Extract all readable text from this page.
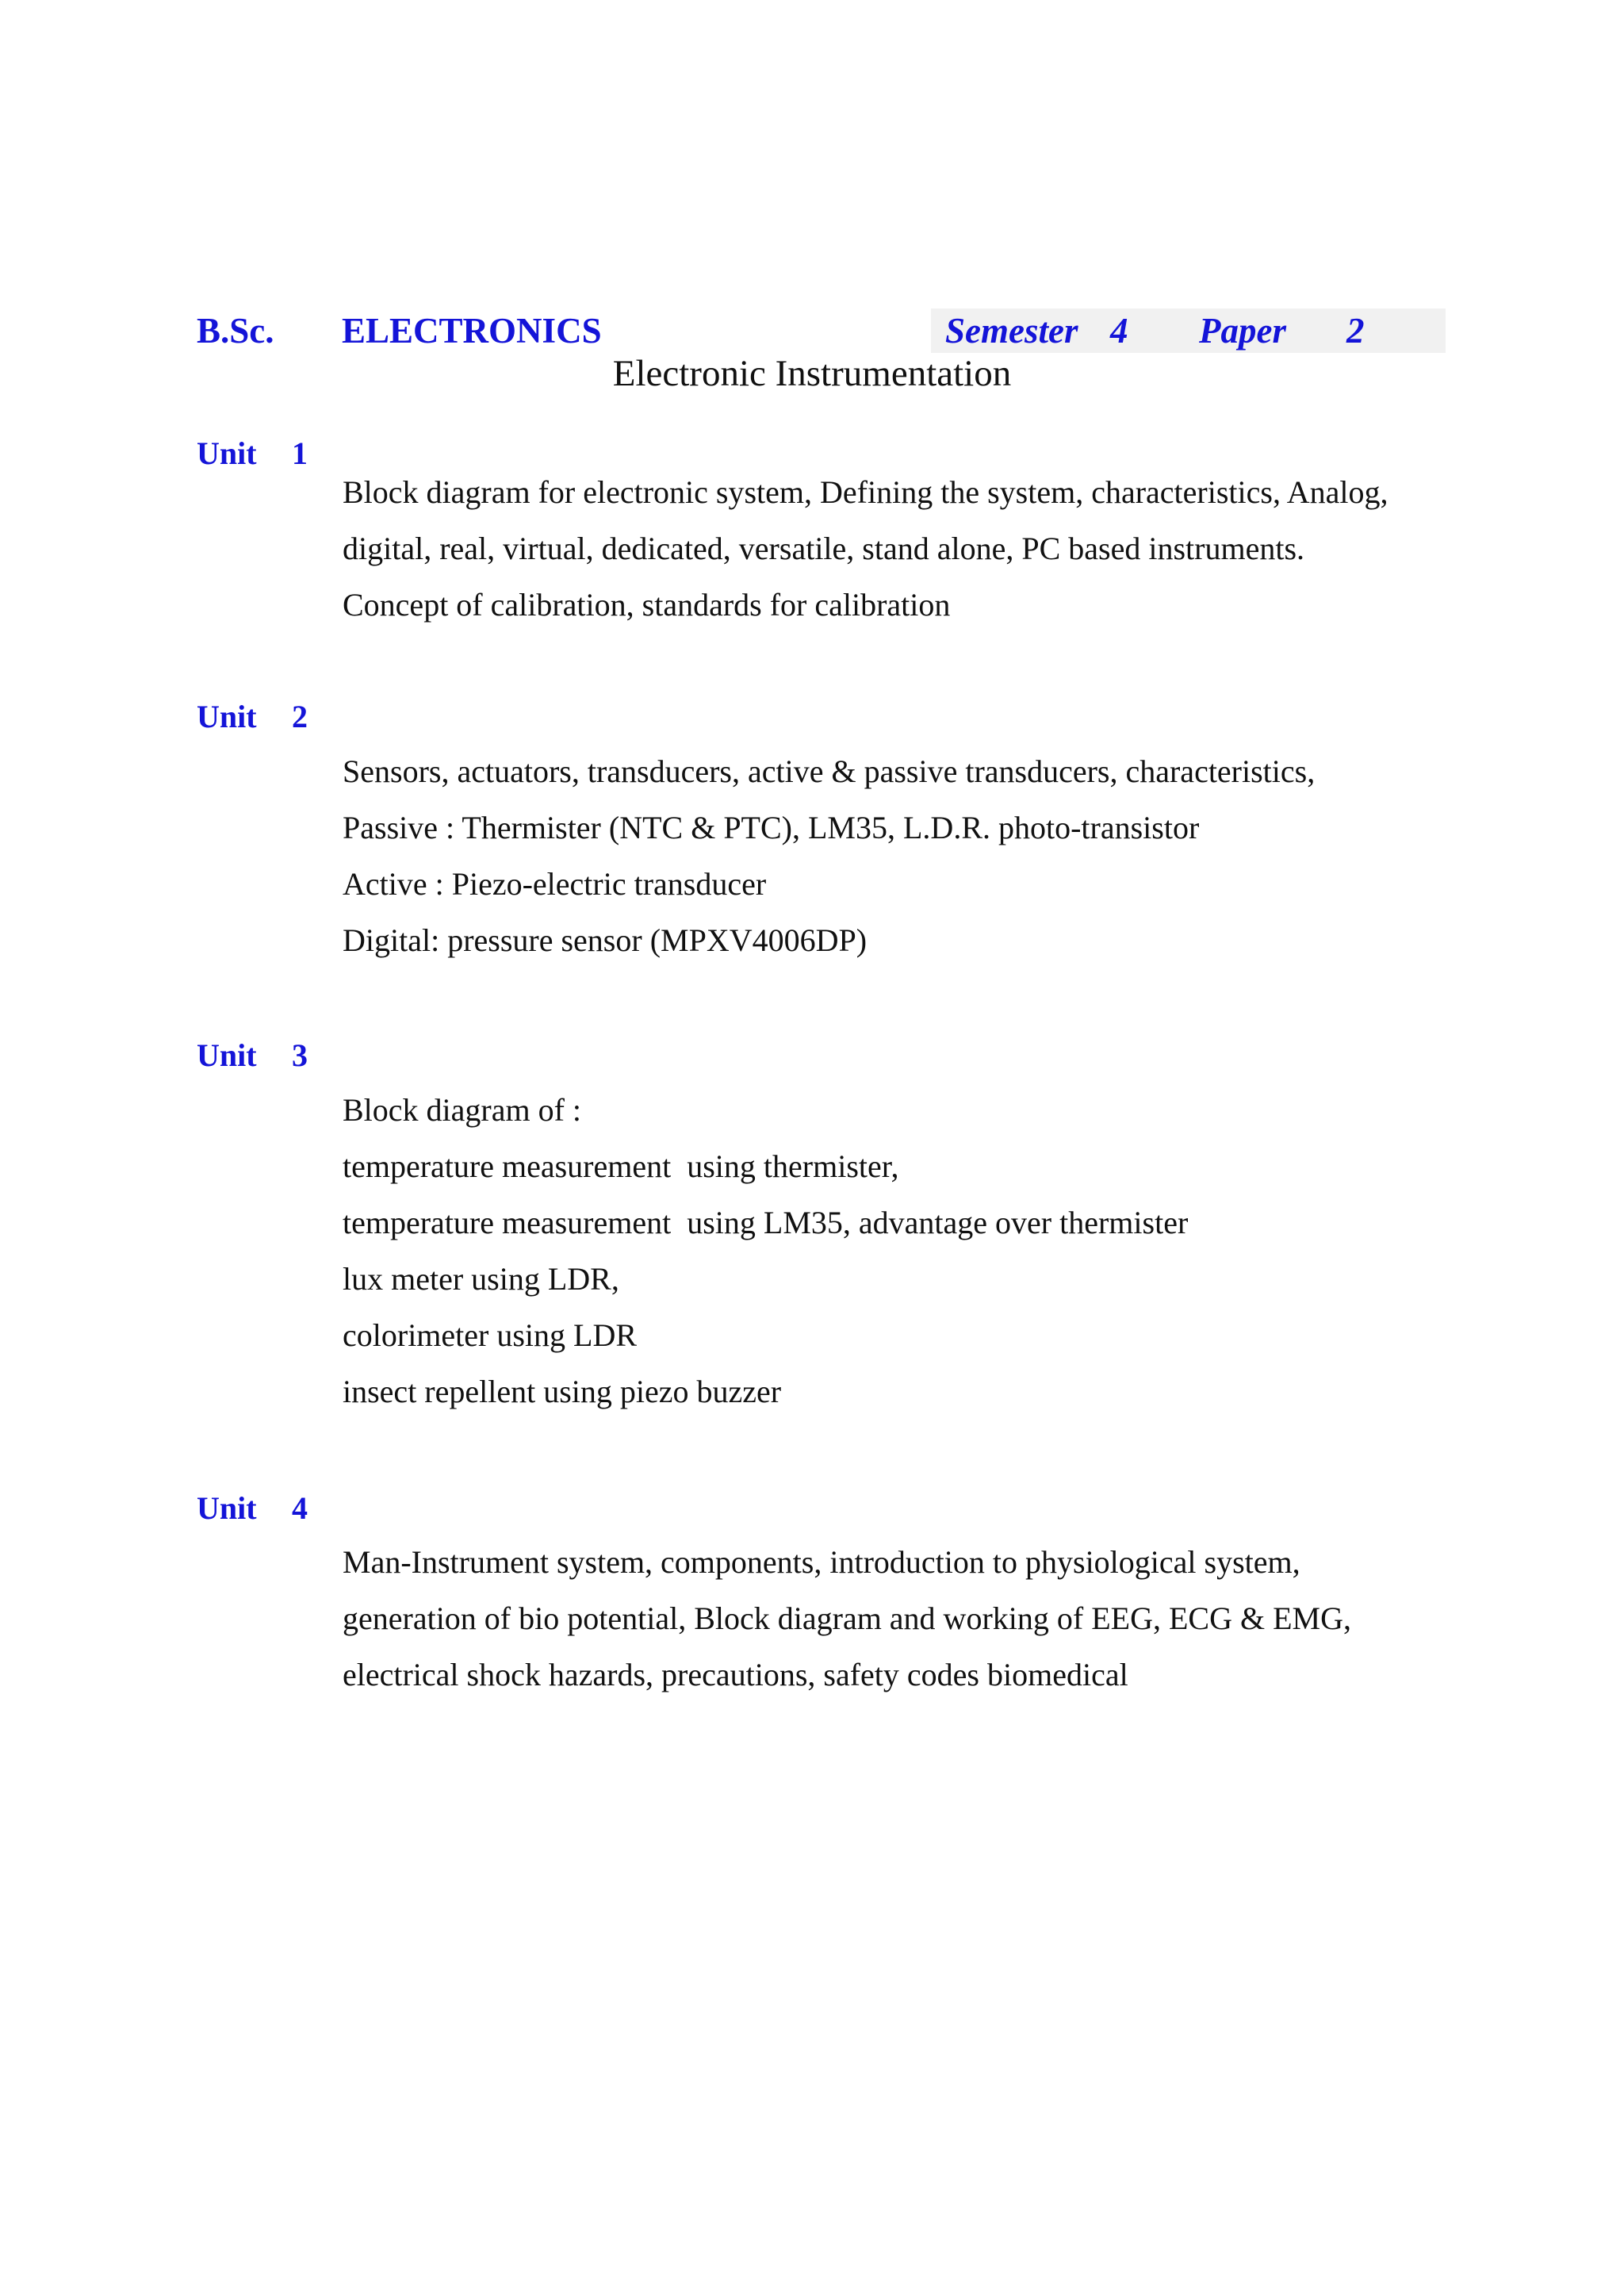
B.Sc. ELECTRONICS	Semester 4 Paper 2
Electronic Instrumentation
Unit 1
Block diagram for electronic system, Defining the system, characteristics, Analog,
digital, real, virtual, dedicated, versatile, stand alone, PC based instruments.
Concept of calibration, standards for calibration
Unit 2
Sensors, actuators, transducers, active & passive transducers, characteristics,
Passive : Thermister (NTC & PTC), LM35, L.D.R. photo-transistor
Active : Piezo-electric transducer
Digital: pressure sensor (MPXV4006DP)
Unit 3
Block diagram of :
temperature measurement  using thermister,
temperature measurement  using LM35, advantage over thermister
lux meter using LDR,
colorimeter using LDR
insect repellent using piezo buzzer
Unit 4
Man-Instrument system, components, introduction to physiological system,
generation of bio potential, Block diagram and working of EEG, ECG & EMG,
electrical shock hazards, precautions, safety codes biomedical
